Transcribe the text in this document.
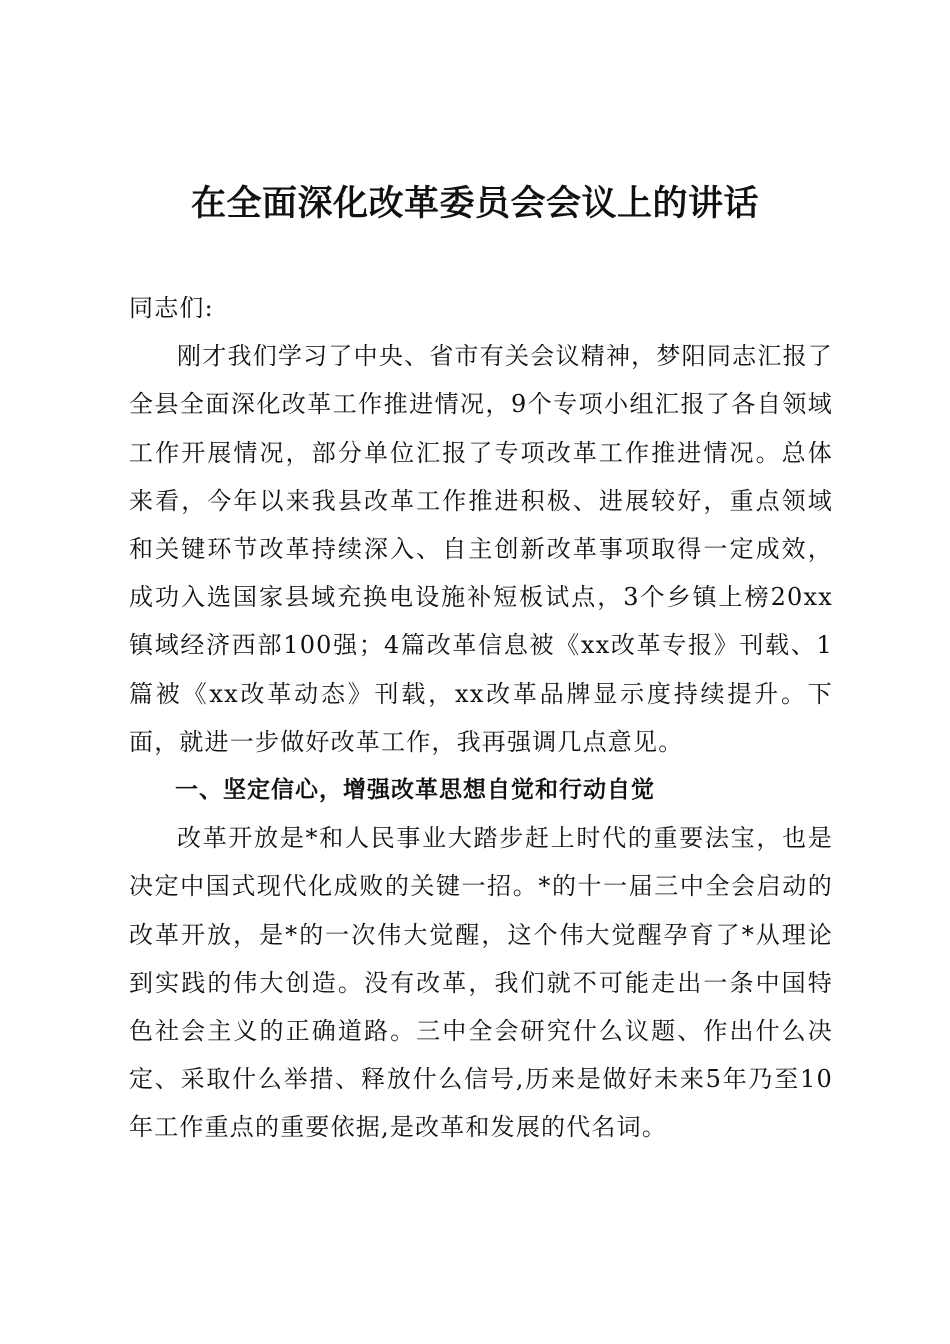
在全面深化改革委员会会议上的讲话

同志们:

刚才我们学习了中央、省市有关会议精神，梦阳同志汇报了全县全面深化改革工作推进情况，9个专项小组汇报了各自领域工作开展情况，部分单位汇报了专项改革工作推进情况。总体来看，今年以来我县改革工作推进积极、进展较好，重点领域和关键环节改革持续深入、自主创新改革事项取得一定成效，成功入选国家县域充换电设施补短板试点，3个乡镇上榜20xx镇域经济西部100强；4篇改革信息被《xx改革专报》刊载、1篇被《xx改革动态》刊载，xx改革品牌显示度持续提升。下面，就进一步做好改革工作，我再强调几点意见。

一、坚定信心，增强改革思想自觉和行动自觉

改革开放是*和人民事业大踏步赶上时代的重要法宝，也是决定中国式现代化成败的关键一招。*的十一届三中全会启动的改革开放，是*的一次伟大觉醒，这个伟大觉醒孕育了*从理论到实践的伟大创造。没有改革，我们就不可能走出一条中国特色社会主义的正确道路。三中全会研究什么议题、作出什么决定、采取什么举措、释放什么信号,历来是做好未来5年乃至10年工作重点的重要依据,是改革和发展的代名词。
